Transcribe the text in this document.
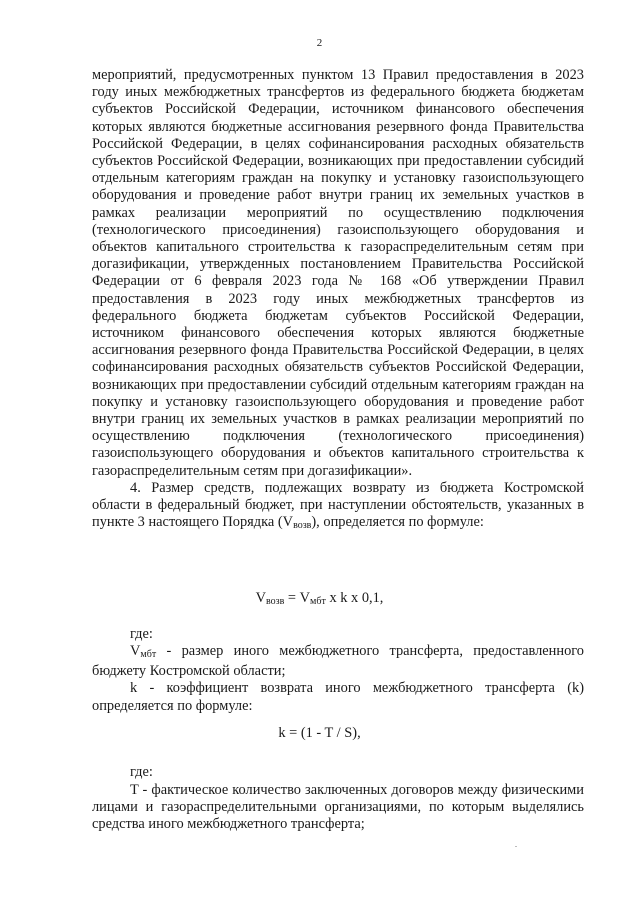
2

мероприятий, предусмотренных пунктом 13 Правил предоставления в 2023 году иных межбюджетных трансфертов из федерального бюджета бюджетам субъектов Российской Федерации, источником финансового обеспечения которых являются бюджетные ассигнования резервного фонда Правительства Российской Федерации, в целях софинансирования расходных обязательств субъектов Российской Федерации, возникающих при предоставлении субсидий отдельным категориям граждан на покупку и установку газоиспользующего оборудования и проведение работ внутри границ их земельных участков в рамках реализации мероприятий по осуществлению подключения (технологического присоединения) газоиспользующего оборудования и объектов капитального строительства к газораспределительным сетям при догазификации, утвержденных постановлением Правительства Российской Федерации от 6 февраля 2023 года № 168 «Об утверждении Правил предоставления в 2023 году иных межбюджетных трансфертов из федерального бюджета бюджетам субъектов Российской Федерации, источником финансового обеспечения которых являются бюджетные ассигнования резервного фонда Правительства Российской Федерации, в целях софинансирования расходных обязательств субъектов Российской Федерации, возникающих при предоставлении субсидий отдельным категориям граждан на покупку и установку газоиспользующего оборудования и проведение работ внутри границ их земельных участков в рамках реализации мероприятий по осуществлению подключения (технологического присоединения) газоиспользующего оборудования и объектов капитального строительства к газораспределительным сетям при догазификации».

4. Размер средств, подлежащих возврату из бюджета Костромской области в федеральный бюджет, при наступлении обстоятельств, указанных в пункте 3 настоящего Порядка $(V_{возв})$, определяется по формуле:

$V_{возв} = V_{мбт}$ x k x 0,1,
где:

$V_{мбт}$ - размер иного межбюджетного трансферта, предоставленного бюджету Костромской области;

k - коэффициент возврата иного межбюджетного трансферта (k) определяется по формуле:

k = (1 - T / S),
где:

T - фактическое количество заключенных договоров между физическими лицами и газораспределительными организациями, по которым выделялись средства иного межбюджетного трансферта;
